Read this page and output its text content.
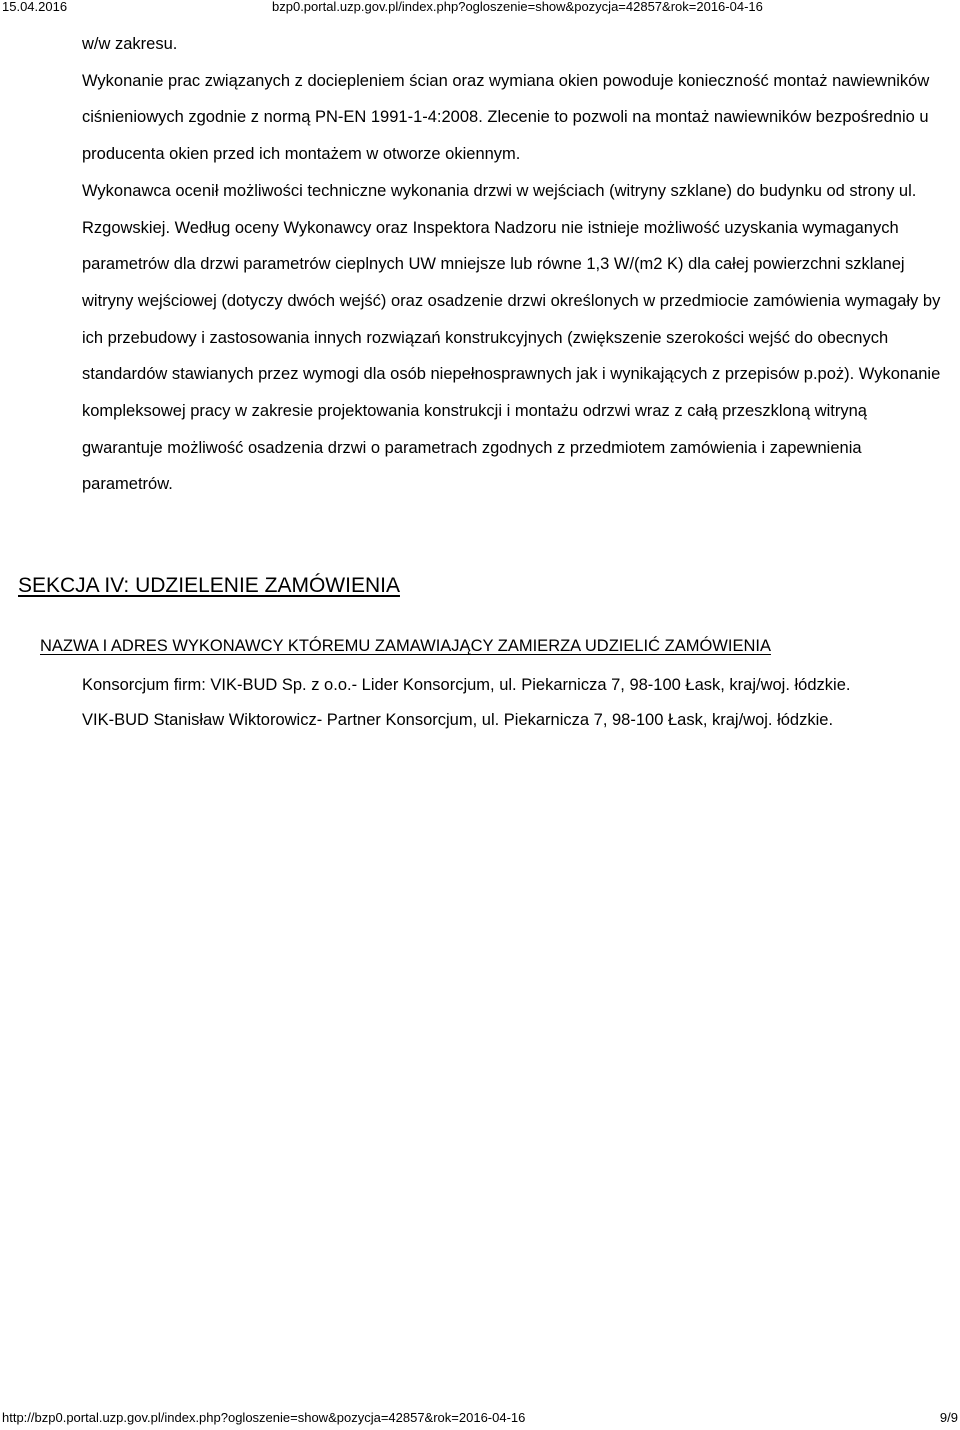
15.04.2016	bzp0.portal.uzp.gov.pl/index.php?ogloszenie=show&pozycja=42857&rok=2016-04-16

w/w zakresu.

Wykonanie prac związanych z dociepleniem ścian oraz wymiana okien powoduje konieczność montaż nawiewników ciśnieniowych zgodnie z normą PN-EN 1991-1-4:2008. Zlecenie to pozwoli na montaż nawiewników bezpośrednio u producenta okien przed ich montażem w otworze okiennym.

Wykonawca ocenił możliwości techniczne wykonania drzwi w wejściach (witryny szklane) do budynku od strony ul. Rzgowskiej. Według oceny Wykonawcy oraz Inspektora Nadzoru nie istnieje możliwość uzyskania wymaganych parametrów dla drzwi parametrów cieplnych UW mniejsze lub równe 1,3 W/(m2 K) dla całej powierzchni szklanej witryny wejściowej (dotyczy dwóch wejść) oraz osadzenie drzwi określonych w przedmiocie zamówienia wymagały by ich przebudowy i zastosowania innych rozwiązań konstrukcyjnych (zwiększenie szerokości wejść do obecnych standardów stawianych przez wymogi dla osób niepełnosprawnych jak i wynikających z przepisów p.poż). Wykonanie kompleksowej pracy w zakresie projektowania konstrukcji i montażu odrzwi wraz z całą przeszkloną witryną gwarantuje możliwość osadzenia drzwi o parametrach zgodnych z przedmiotem zamówienia i zapewnienia parametrów.

SEKCJA IV: UDZIELENIE ZAMÓWIENIA
NAZWA I ADRES WYKONAWCY KTÓREMU ZAMAWIAJĄCY ZAMIERZA UDZIELIĆ ZAMÓWIENIA

Konsorcjum firm: VIK-BUD Sp. z o.o.- Lider Konsorcjum, ul. Piekarnicza 7, 98-100 Łask, kraj/woj. łódzkie.

VIK-BUD Stanisław Wiktorowicz- Partner Konsorcjum, ul. Piekarnicza 7, 98-100 Łask, kraj/woj. łódzkie.

http://bzp0.portal.uzp.gov.pl/index.php?ogloszenie=show&pozycja=42857&rok=2016-04-16	9/9
